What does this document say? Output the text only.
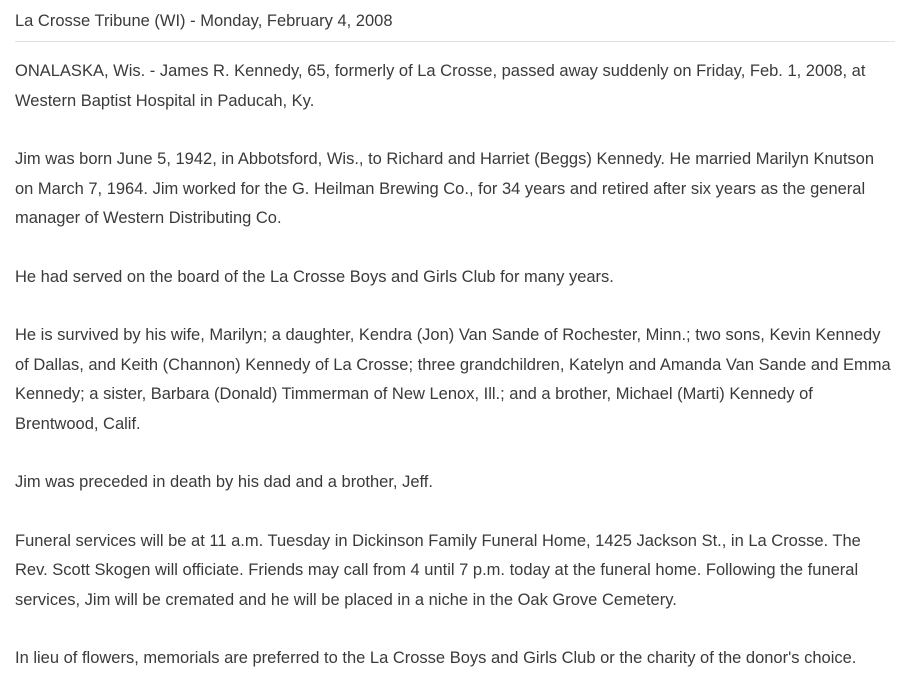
La Crosse Tribune (WI) - Monday, February 4, 2008

ONALASKA, Wis. - James R. Kennedy, 65, formerly of La Crosse, passed away suddenly on Friday, Feb. 1, 2008, at Western Baptist Hospital in Paducah, Ky.

Jim was born June 5, 1942, in Abbotsford, Wis., to Richard and Harriet (Beggs) Kennedy. He married Marilyn Knutson on March 7, 1964. Jim worked for the G. Heilman Brewing Co., for 34 years and retired after six years as the general manager of Western Distributing Co.

He had served on the board of the La Crosse Boys and Girls Club for many years.

He is survived by his wife, Marilyn; a daughter, Kendra (Jon) Van Sande of Rochester, Minn.; two sons, Kevin Kennedy of Dallas, and Keith (Channon) Kennedy of La Crosse; three grandchildren, Katelyn and Amanda Van Sande and Emma Kennedy; a sister, Barbara (Donald) Timmerman of New Lenox, Ill.; and a brother, Michael (Marti) Kennedy of Brentwood, Calif.

Jim was preceded in death by his dad and a brother, Jeff.

Funeral services will be at 11 a.m. Tuesday in Dickinson Family Funeral Home, 1425 Jackson St., in La Crosse. The Rev. Scott Skogen will officiate. Friends may call from 4 until 7 p.m. today at the funeral home. Following the funeral services, Jim will be cremated and he will be placed in a niche in the Oak Grove Cemetery.

In lieu of flowers, memorials are preferred to the La Crosse Boys and Girls Club or the charity of the donor's choice.
